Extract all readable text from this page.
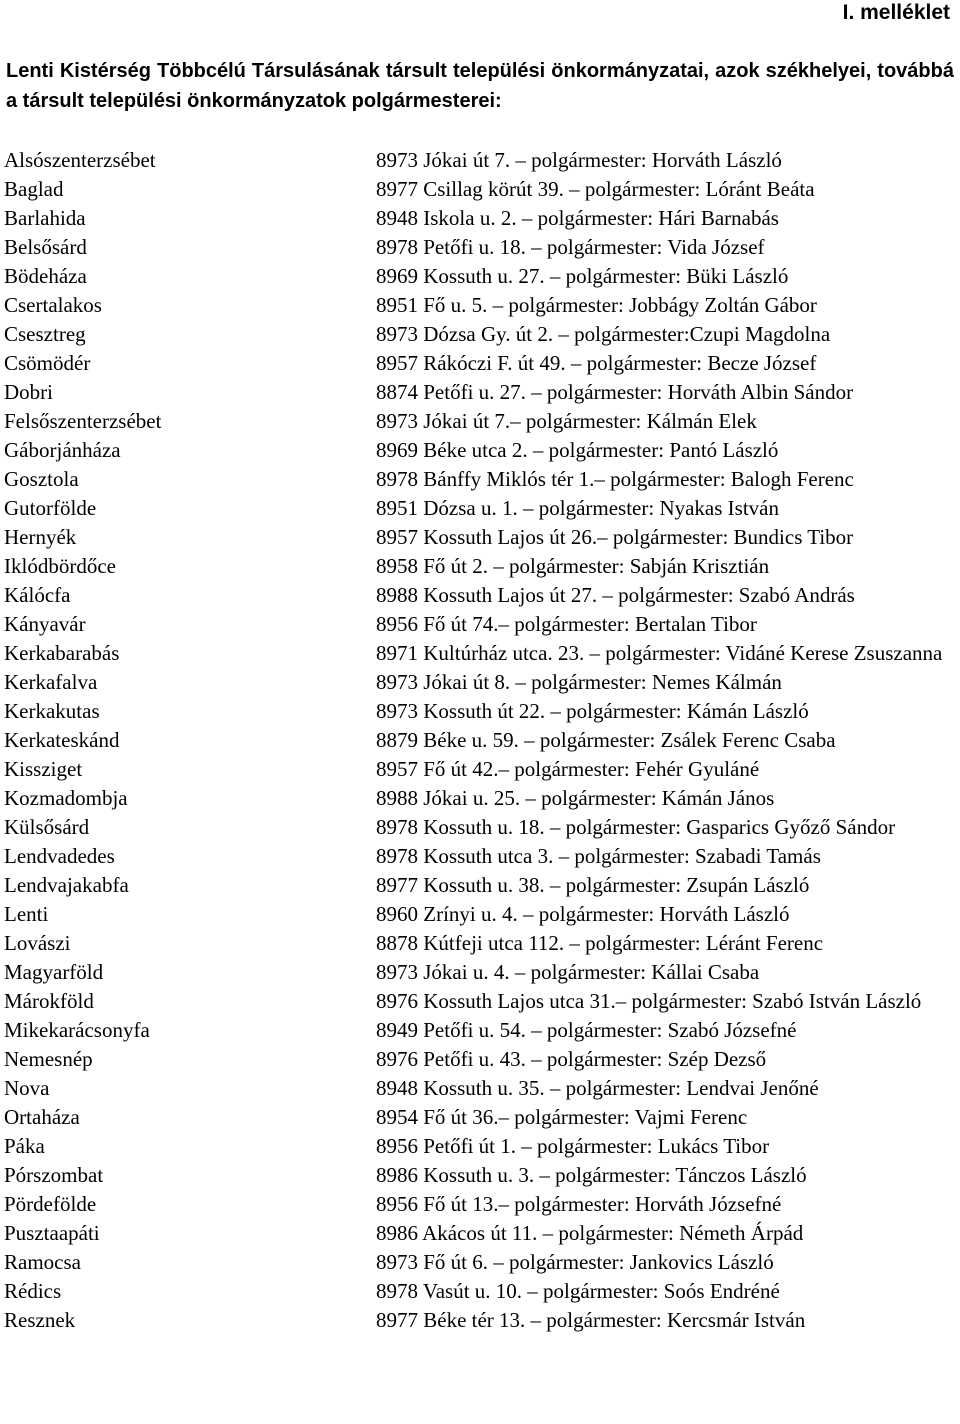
I. melléklet

Lenti Kistérség Többcélú Társulásának társult települési önkormányzatai, azok székhelyei, továbbá a társult települési önkormányzatok polgármesterei:

Alsószenterzsébet	8973 Jókai út 7. – polgármester: Horváth László
Baglad	8977 Csillag körút 39. – polgármester: Lóránt Beáta
Barlahida	8948 Iskola u. 2. – polgármester: Hári Barnabás
Belsősárd	8978 Petőfi u. 18. – polgármester: Vida József
Bödeháza	8969 Kossuth u. 27. – polgármester: Büki László
Csertalakos	8951 Fő u. 5. – polgármester: Jobbágy Zoltán Gábor
Csesztreg	8973 Dózsa Gy. út 2. – polgármester:Czupi Magdolna
Csömödér	8957 Rákóczi F. út 49. – polgármester: Becze József
Dobri	8874 Petőfi u. 27. – polgármester: Horváth Albin Sándor
Felsőszenterzsébet	8973 Jókai út 7.– polgármester: Kálmán Elek
Gáborjánháza	8969 Béke utca 2. – polgármester: Pantó László
Gosztola	8978 Bánffy Miklós tér 1.– polgármester: Balogh Ferenc
Gutorfölde	8951 Dózsa u. 1. – polgármester: Nyakas István
Hernyék	8957 Kossuth Lajos út 26.– polgármester: Bundics Tibor
Iklódbördőce	8958 Fő út 2. – polgármester: Sabján Krisztián
Kálócfa	8988 Kossuth Lajos út 27. – polgármester: Szabó András
Kányavár	8956 Fő út 74.– polgármester: Bertalan Tibor
Kerkabarabás	8971 Kultúrház utca. 23. – polgármester: Vidáné Kerese Zsuszanna
Kerkafalva	8973 Jókai út 8. – polgármester: Nemes Kálmán
Kerkakutas	8973 Kossuth út 22. – polgármester: Kámán László
Kerkateskánd	8879 Béke u. 59. – polgármester: Zsálek Ferenc Csaba
Kissziget	8957 Fő út 42.– polgármester: Fehér Gyuláné
Kozmadombja	8988 Jókai u. 25. – polgármester: Kámán János
Külsősárd	8978 Kossuth u. 18. – polgármester: Gasparics Győző Sándor
Lendvadedes	8978 Kossuth utca 3. – polgármester: Szabadi Tamás
Lendvajakabfa	8977 Kossuth u. 38. – polgármester: Zsupán László
Lenti	8960 Zrínyi u. 4. – polgármester: Horváth László
Lovászi	8878 Kútfeji utca 112. – polgármester: Léránt Ferenc
Magyarföld	8973 Jókai u. 4. – polgármester: Kállai Csaba
Márokföld	8976 Kossuth Lajos utca 31.– polgármester: Szabó István László
Mikekarácsonyfa	8949 Petőfi u. 54. – polgármester: Szabó Józsefné
Nemesnép	8976 Petőfi u. 43. – polgármester: Szép Dezső
Nova	8948 Kossuth u. 35. – polgármester: Lendvai Jenőné
Ortaháza	8954 Fő út 36.– polgármester: Vajmi Ferenc
Páka	8956 Petőfi út 1. – polgármester: Lukács Tibor
Pórszombat	8986 Kossuth u. 3. – polgármester: Tánczos László
Pördefölde	8956 Fő út 13.– polgármester: Horváth Józsefné
Pusztaapáti	8986 Akácos út 11. – polgármester: Németh Árpád
Ramocsa	8973 Fő út 6. – polgármester: Jankovics László
Rédics	8978 Vasút u. 10. – polgármester: Soós Endréné
Resznek	8977 Béke tér 13. – polgármester: Kercsmár István
